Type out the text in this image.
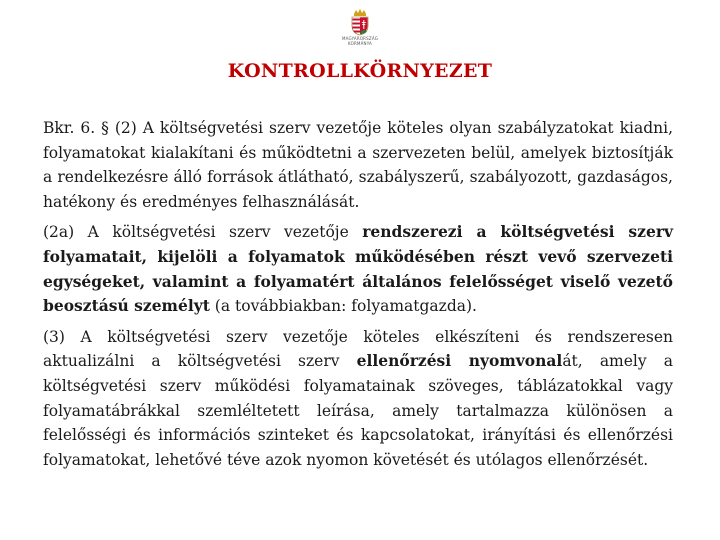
MAGYARORSZÁG KORMÁNYA
KONTROLLKÖRNYEZET

Bkr. 6. § (2) A költségvetési szerv vezetője köteles olyan szabályzatokat kiadni, folyamatokat kialakítani és működtetni a szervezeten belül, amelyek biztosítják a rendelkezésre álló források átlátható, szabályszerű, szabályozott, gazdaságos, hatékony és eredményes felhasználását.

(2a) A költségvetési szerv vezetője rendszerezi a költségvetési szerv folyamatait, kijelöli a folyamatok működésében részt vevő szervezeti egységeket, valamint a folyamatért általános felelősséget viselő vezető beosztású személyt (a továbbiakban: folyamatgazda).

(3) A költségvetési szerv vezetője köteles elkészíteni és rendszeresen aktualizálni a költségvetési szerv ellenőrzési nyomvonalát, amely a költségvetési szerv működési folyamatainak szöveges, táblázatokkal vagy folyamatábrákkal szemléltetett leírása, amely tartalmazza különösen a felelősségi és információs szinteket és kapcsolatokat, irányítási és ellenőrzési folyamatokat, lehetővé téve azok nyomon követését és utólagos ellenőrzését.
